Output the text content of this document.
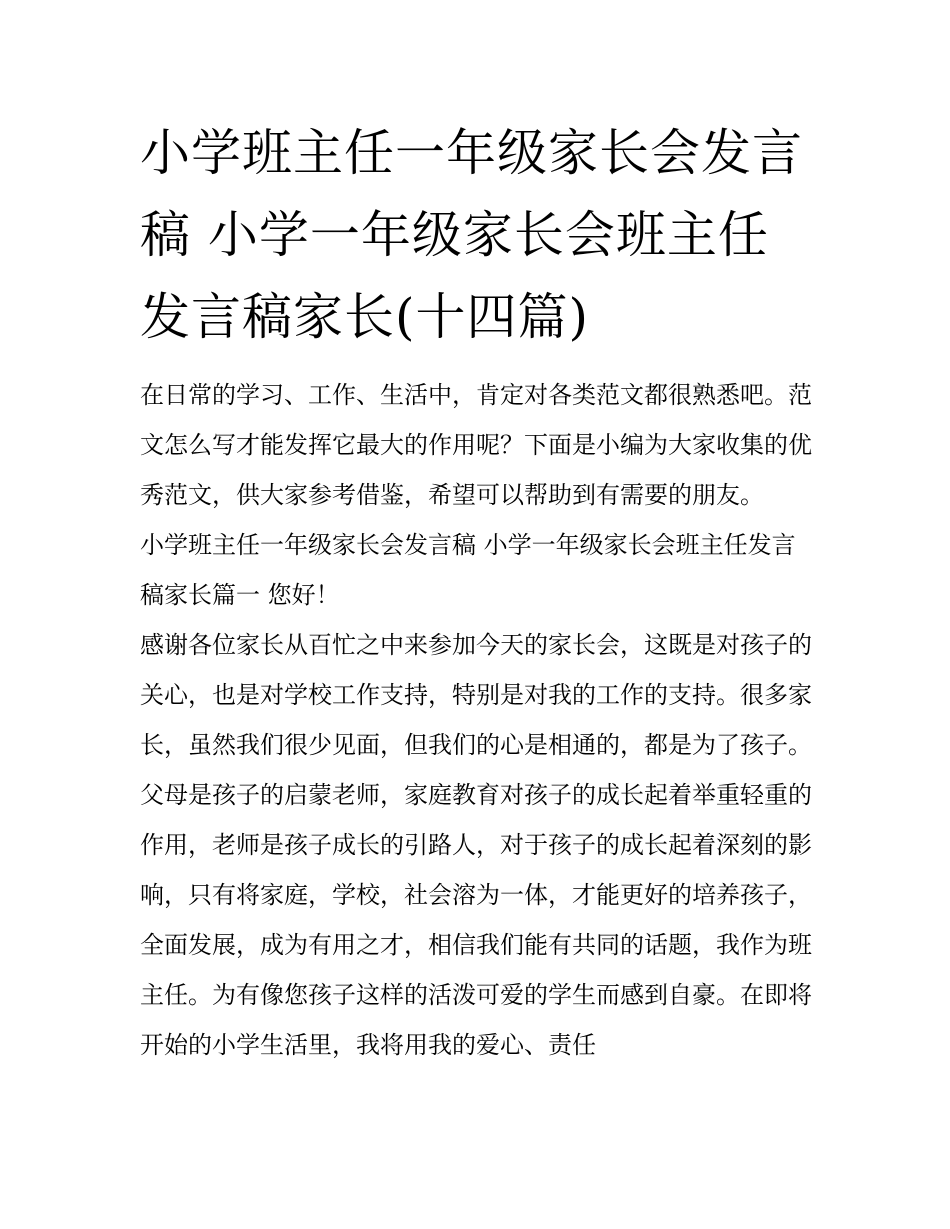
小学班主任一年级家长会发言稿 小学一年级家长会班主任发言稿家长(十四篇)

在日常的学习、工作、生活中，肯定对各类范文都很熟悉吧。范文怎么写才能发挥它最大的作用呢？下面是小编为大家收集的优秀范文，供大家参考借鉴，希望可以帮助到有需要的朋友。

小学班主任一年级家长会发言稿 小学一年级家长会班主任发言稿家长篇一 您好！

感谢各位家长从百忙之中来参加今天的家长会，这既是对孩子的关心，也是对学校工作支持，特别是对我的工作的支持。很多家长，虽然我们很少见面，但我们的心是相通的，都是为了孩子。父母是孩子的启蒙老师，家庭教育对孩子的成长起着举重轻重的作用，老师是孩子成长的引路人，对于孩子的成长起着深刻的影响，只有将家庭，学校，社会溶为一体，才能更好的培养孩子，全面发展，成为有用之才，相信我们能有共同的话题，我作为班主任。为有像您孩子这样的活泼可爱的学生而感到自豪。在即将开始的小学生活里，我将用我的爱心、责任
